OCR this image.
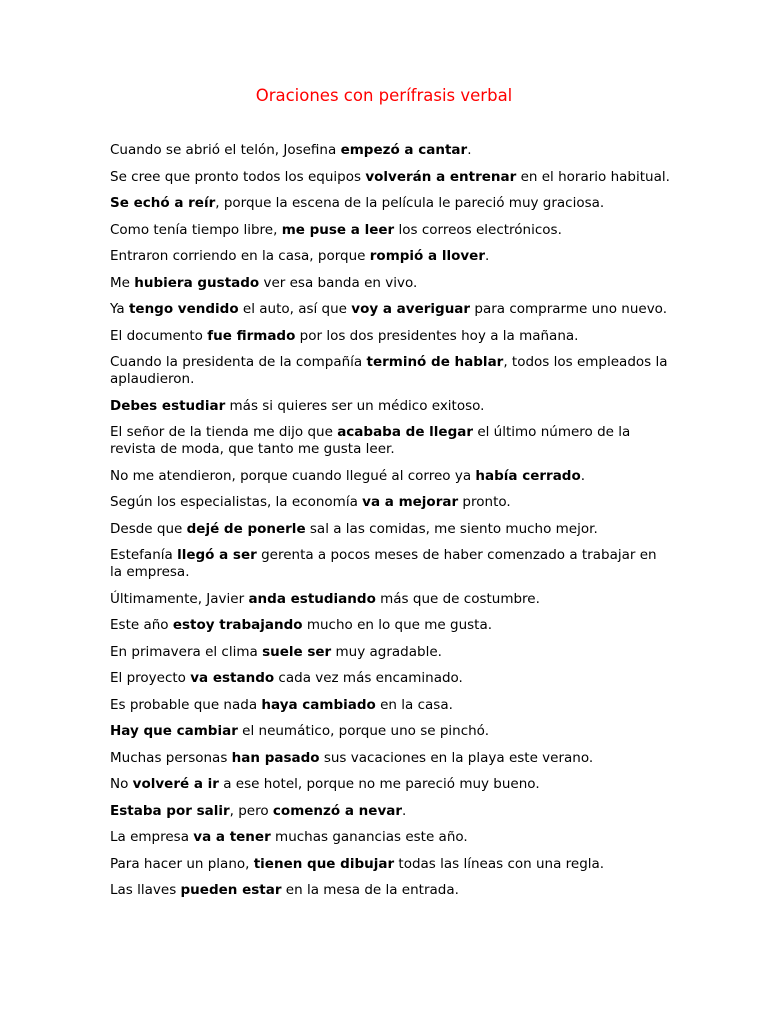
Oraciones con perífrasis verbal

Cuando se abrió el telón, Josefina empezó a cantar.

Se cree que pronto todos los equipos volverán a entrenar en el horario habitual.

Se echó a reír, porque la escena de la película le pareció muy graciosa.

Como tenía tiempo libre, me puse a leer los correos electrónicos.

Entraron corriendo en la casa, porque rompió a llover.

Me hubiera gustado ver esa banda en vivo.

Ya tengo vendido el auto, así que voy a averiguar para comprarme uno nuevo.

El documento fue firmado por los dos presidentes hoy a la mañana.

Cuando la presidenta de la compañía terminó de hablar, todos los empleados la aplaudieron.

Debes estudiar más si quieres ser un médico exitoso.

El señor de la tienda me dijo que acababa de llegar el último número de la revista de moda, que tanto me gusta leer.

No me atendieron, porque cuando llegué al correo ya había cerrado.

Según los especialistas, la economía va a mejorar pronto.

Desde que dejé de ponerle sal a las comidas, me siento mucho mejor.

Estefanía llegó a ser gerenta a pocos meses de haber comenzado a trabajar en la empresa.

Últimamente, Javier anda estudiando más que de costumbre.

Este año estoy trabajando mucho en lo que me gusta.

En primavera el clima suele ser muy agradable.

El proyecto va estando cada vez más encaminado.

Es probable que nada haya cambiado en la casa.

Hay que cambiar el neumático, porque uno se pinchó.

Muchas personas han pasado sus vacaciones en la playa este verano.

No volveré a ir a ese hotel, porque no me pareció muy bueno.

Estaba por salir, pero comenzó a nevar.

La empresa va a tener muchas ganancias este año.

Para hacer un plano, tienen que dibujar todas las líneas con una regla.

Las llaves pueden estar en la mesa de la entrada.
